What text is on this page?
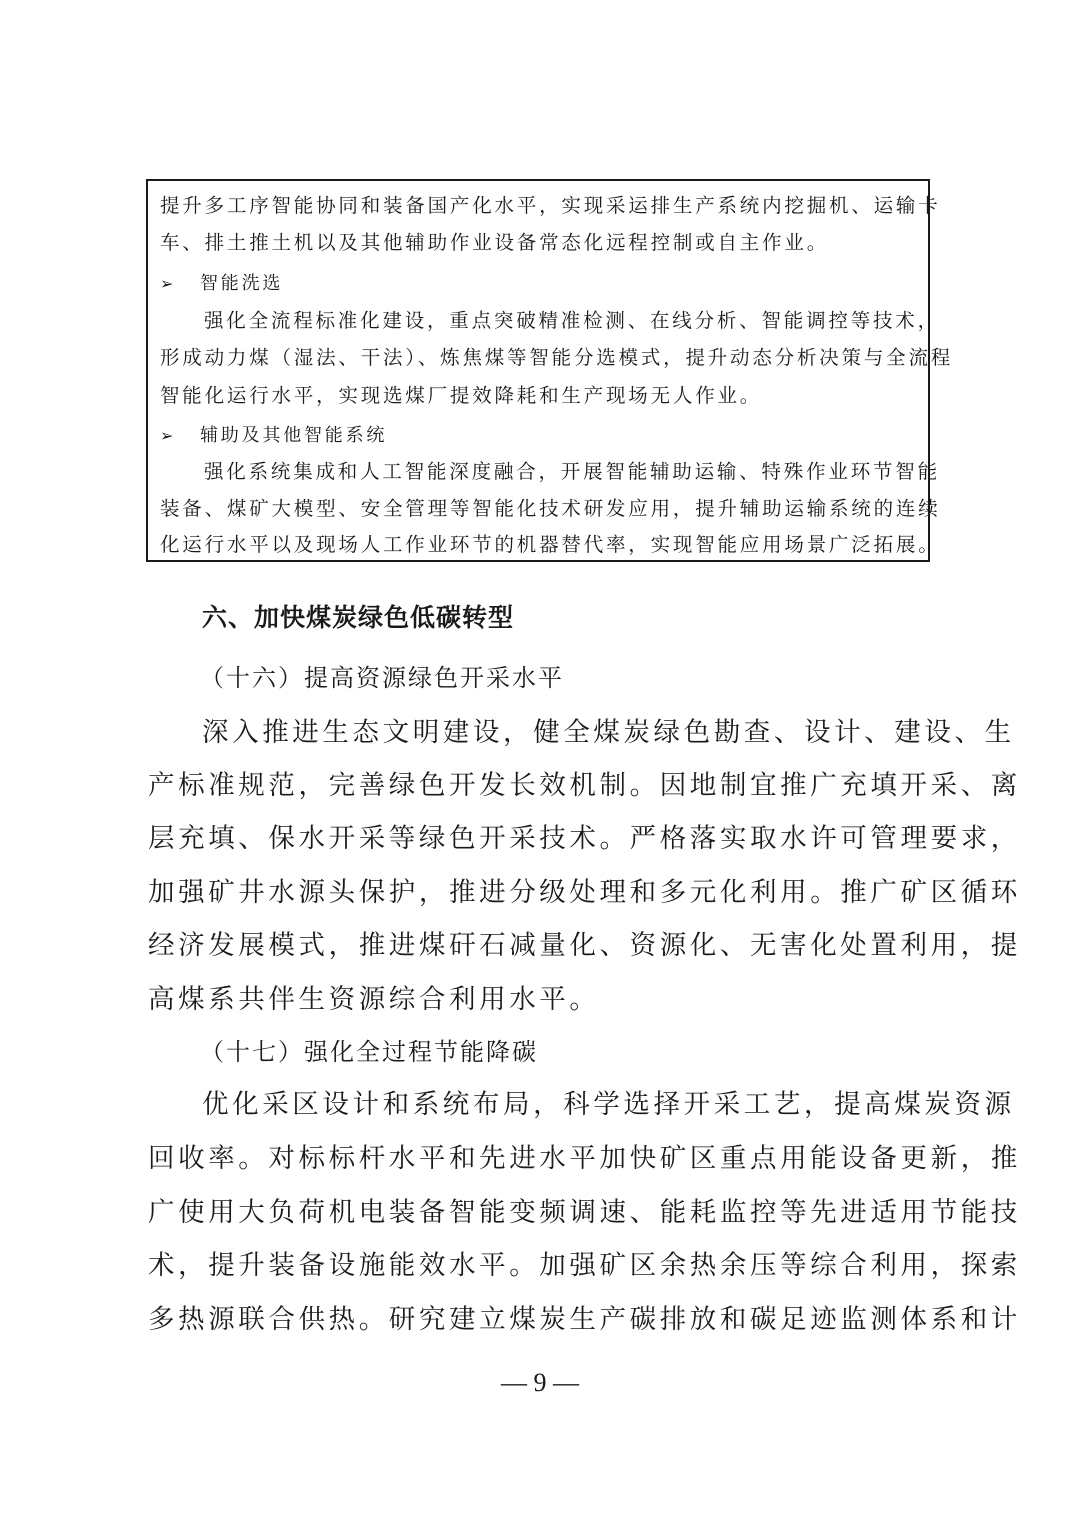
提升多工序智能协同和装备国产化水平，实现采运排生产系统内挖掘机、运输卡
车、排土推土机以及其他辅助作业设备常态化远程控制或自主作业。
➢ 智能洗选
强化全流程标准化建设，重点突破精准检测、在线分析、智能调控等技术，
形成动力煤（湿法、干法）、炼焦煤等智能分选模式，提升动态分析决策与全流程
智能化运行水平，实现选煤厂提效降耗和生产现场无人作业。
➢ 辅助及其他智能系统
强化系统集成和人工智能深度融合，开展智能辅助运输、特殊作业环节智能
装备、煤矿大模型、安全管理等智能化技术研发应用，提升辅助运输系统的连续
化运行水平以及现场人工作业环节的机器替代率，实现智能应用场景广泛拓展。
六、加快煤炭绿色低碳转型
（十六）提高资源绿色开采水平
深入推进生态文明建设，健全煤炭绿色勘查、设计、建设、生
产标准规范，完善绿色开发长效机制。因地制宜推广充填开采、离
层充填、保水开采等绿色开采技术。严格落实取水许可管理要求，
加强矿井水源头保护，推进分级处理和多元化利用。推广矿区循环
经济发展模式，推进煤矸石减量化、资源化、无害化处置利用，提
高煤系共伴生资源综合利用水平。
（十七）强化全过程节能降碳
优化采区设计和系统布局，科学选择开采工艺，提高煤炭资源
回收率。对标标杆水平和先进水平加快矿区重点用能设备更新，推
广使用大负荷机电装备智能变频调速、能耗监控等先进适用节能技
术，提升装备设施能效水平。加强矿区余热余压等综合利用，探索
多热源联合供热。研究建立煤炭生产碳排放和碳足迹监测体系和计
— 9 —
